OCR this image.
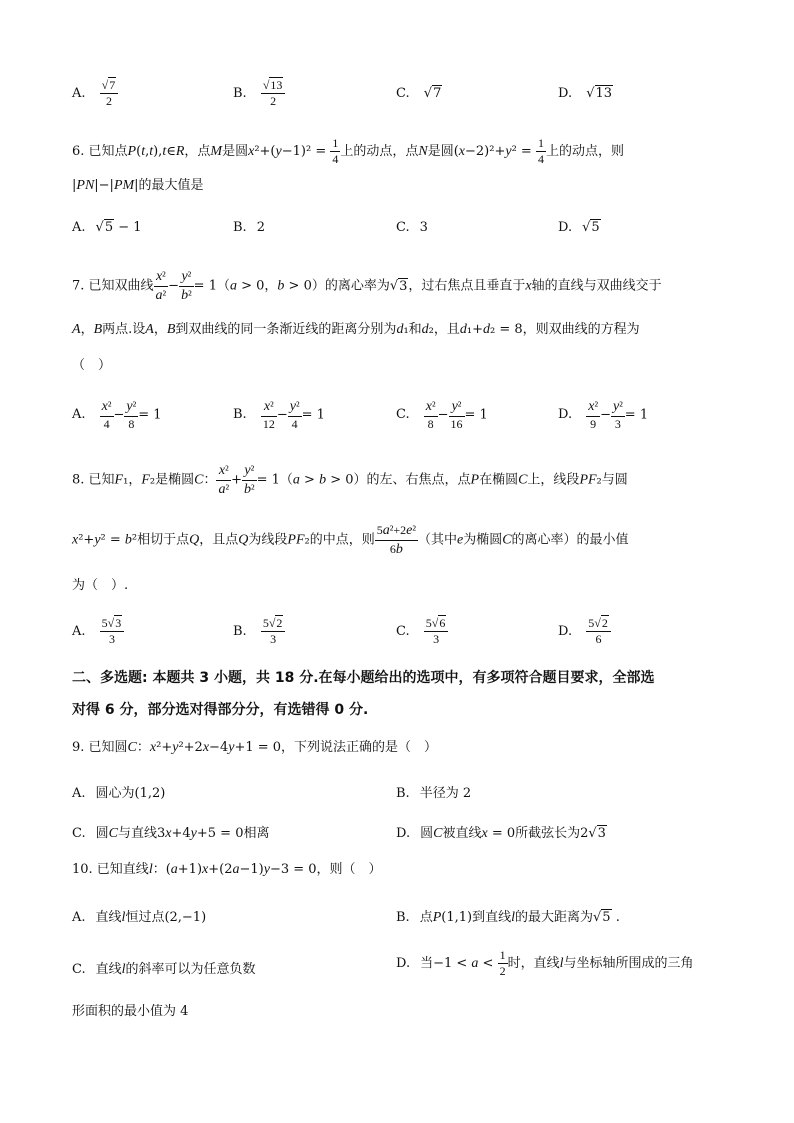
A. $\frac{√7}{2}$	B. $\frac{√13}{2}$	C. √7	D. √13
6. 已知点P(t,t),t∈R，点M是圆$x^2+(y-1)^2 = \frac{1}{4}$ 上的动点，点N是圆$(x-2)^2+y^2 = \frac{1}{4}$ 上的动点，则
|PN|−|PM|的最大值是
A. √5 − 1	B. 2	C. 3	D. √5
7. 已知双曲线 $\frac{\text{x²}}{\text{a²}} - \frac{\text{y²}}{\text{b²}} = 1(a > 0$，b > 0）的离心率为√3，过右焦点且垂直于x轴的直线与双曲线交于
A，B两点.设A，B到双曲线的同一条渐近线的距离分别为d₁和d₂，且d₁+d₂ = 8，则双曲线的方程为
（　）
A. $\frac{\text{x²}}{4} - \frac{\text{y²}}{8} = 1$	B. $\frac{\text{x²}}{12} - \frac{\text{y²}}{4} = 1$	C. $\frac{\text{x²}}{8} - \frac{\text{y²}}{16} = 1$	D. $\frac{\text{x²}}{9} - \frac{\text{y²}}{3} = 1$
8. 已知F₁，F₂是椭圆C： $\frac{\text{x²}}{\text{a²}} + \frac{\text{y²}}{\text{b²}} = 1(a > b > 0)$的左、右焦点，点P在椭圆C上，线段PF₂与圆
x²+y² = b²相切于点Q，且点Q为线段PF₂的中点，则 $\frac{\text{5a²+2e²}}{6b}$ （其中e为椭圆C的离心率）的最小值
为（　）.
A. $\frac{5√3}{3}$	B. $\frac{5√2}{3}$	C. $\frac{5√6}{3}$	D. $\frac{5√2}{6}$
二、多选题: 本题共 3 小题，共 18 分.在每小题给出的选项中，有多项符合题目要求，全部选
对得 6 分，部分选对得部分分，有选错得 0 分.
9. 已知圆C：x²+y²+2x−4y+1 = 0，下列说法正确的是（　）
A. 圆心为(1,2)	B. 半径为 2
C. 圆C与直线3x+4y+5 = 0相离	D. 圆C被直线x = 0所截弦长为2√3
10. 已知直线l：(a+1)x+(2a−1)y−3 = 0，则（　）
A. 直线l恒过点(2,−1)	B. 点P(1,1)到直线l的最大距离为√5 .
C. 直线l的斜率可以为任意负数	D. 当$-1 < a < \frac{1}{2}$ 时，直线l与坐标轴所围成的三角
形面积的最小值为 4
